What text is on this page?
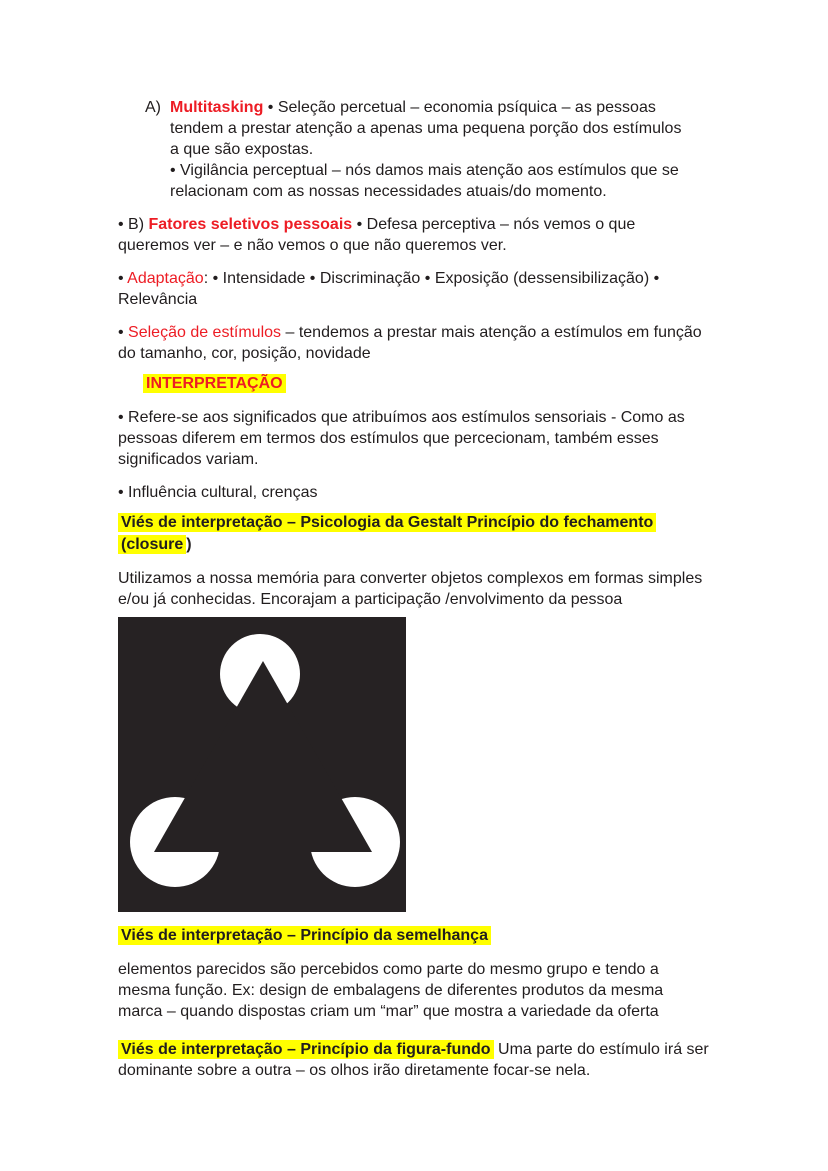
A) Multitasking • Seleção percetual – economia psíquica – as pessoas tendem a prestar atenção a apenas uma pequena porção dos estímulos a que são expostas.
• Vigilância perceptual – nós damos mais atenção aos estímulos que se relacionam com as nossas necessidades atuais/do momento.

• B) Fatores seletivos pessoais • Defesa perceptiva – nós vemos o que queremos ver – e não vemos o que não queremos ver.

• Adaptação: • Intensidade • Discriminação • Exposição (dessensibilização) • Relevância

• Seleção de estímulos – tendemos a prestar mais atenção a estímulos em função do tamanho, cor, posição, novidade

INTERPRETAÇÃO

• Refere-se aos significados que atribuímos aos estímulos sensoriais - Como as pessoas diferem em termos dos estímulos que percecionam, também esses significados variam.

• Influência cultural, crenças

Viés de interpretação – Psicologia da Gestalt Princípio do fechamento (closure )

Utilizamos a nossa memória para converter objetos complexos em formas simples e/ou já conhecidas. Encorajam a participação /envolvimento da pessoa

Viés de interpretação – Princípio da semelhança

elementos parecidos são percebidos como parte do mesmo grupo e tendo a mesma função. Ex: design de embalagens de diferentes produtos da mesma marca – quando dispostas criam um “mar” que mostra a variedade da oferta

Viés de interpretação – Princípio da figura-fundo Uma parte do estímulo irá ser dominante sobre a outra – os olhos irão diretamente focar-se nela.
